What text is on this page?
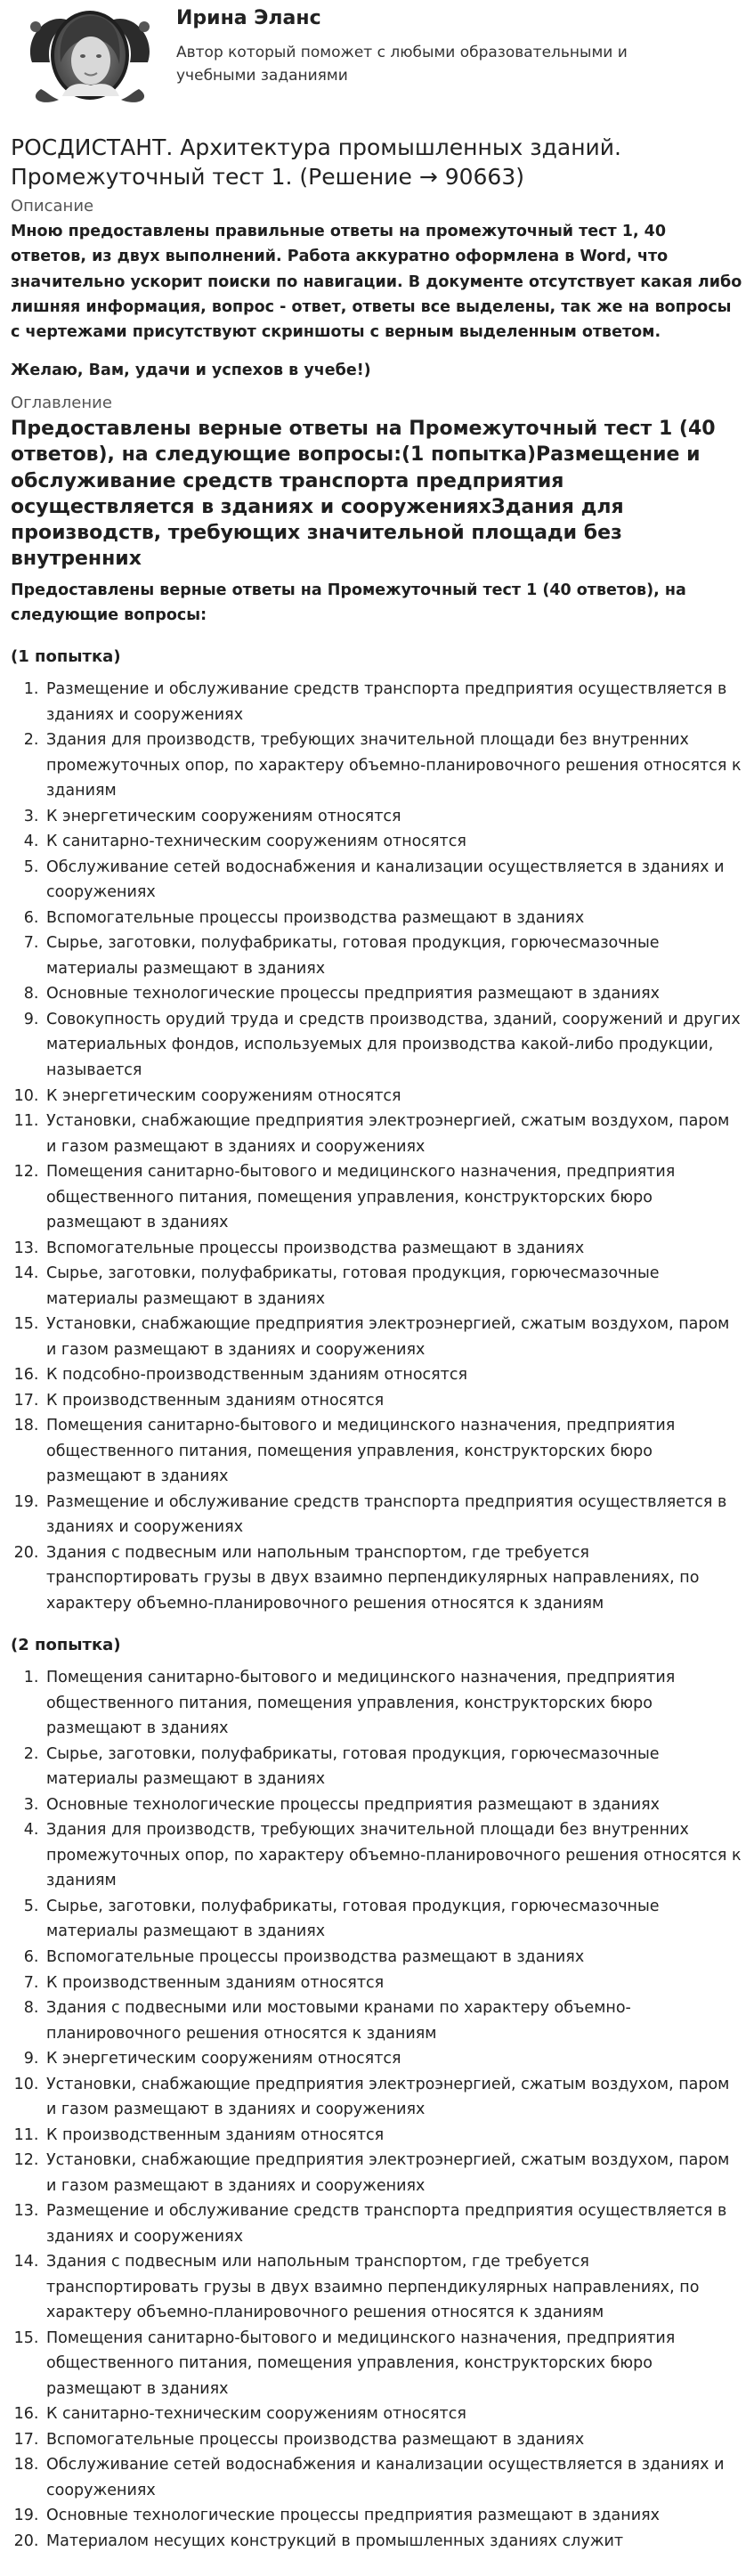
Ирина Эланс
Автор который поможет с любыми образовательными и учебными заданиями
РОСДИСТАНТ. Архитектура промышленных зданий. Промежуточный тест 1. (Решение → 90663)
Описание

Мною предоставлены правильные ответы на промежуточный тест 1, 40 ответов, из двух выполнений. Работа аккуратно оформлена в Word, что значительно ускорит поиски по навигации. В документе отсутствует какая либо лишняя информация, вопрос - ответ, ответы все выделены, так же на вопросы с чертежами присутствуют скриншоты с верным выделенным ответом.

Желаю, Вам, удачи и успехов в учебе!)

Оглавление
Предоставлены верные ответы на Промежуточный тест 1 (40 ответов), на следующие вопросы:(1 попытка)Размещение и обслуживание средств транспорта предприятия осуществляется в зданиях и сооруженияхЗдания для производств, требующих значительной площади без внутренних

Предоставлены верные ответы на Промежуточный тест 1 (40 ответов), на следующие вопросы:

(1 попытка)
1. Размещение и обслуживание средств транспорта предприятия осуществляется в зданиях и сооружениях
2. Здания для производств, требующих значительной площади без внутренних промежуточных опор, по характеру объемно-планировочного решения относятся к зданиям
3. К энергетическим сооружениям относятся
4. К санитарно-техническим сооружениям относятся
5. Обслуживание сетей водоснабжения и канализации осуществляется в зданиях и сооружениях
6. Вспомогательные процессы производства размещают в зданиях
7. Сырье, заготовки, полуфабрикаты, готовая продукция, горючесмазочные материалы размещают в зданиях
8. Основные технологические процессы предприятия размещают в зданиях
9. Совокупность орудий труда и средств производства, зданий, сооружений и других материальных фондов, используемых для производства какой-либо продукции, называется
10. К энергетическим сооружениям относятся
11. Установки, снабжающие предприятия электроэнергией, сжатым воздухом, паром и газом размещают в зданиях и сооружениях
12. Помещения санитарно-бытового и медицинского назначения, предприятия общественного питания, помещения управления, конструкторских бюро размещают в зданиях
13. Вспомогательные процессы производства размещают в зданиях
14. Сырье, заготовки, полуфабрикаты, готовая продукция, горючесмазочные материалы размещают в зданиях
15. Установки, снабжающие предприятия электроэнергией, сжатым воздухом, паром и газом размещают в зданиях и сооружениях
16. К подсобно-производственным зданиям относятся
17. К производственным зданиям относятся
18. Помещения санитарно-бытового и медицинского назначения, предприятия общественного питания, помещения управления, конструкторских бюро размещают в зданиях
19. Размещение и обслуживание средств транспорта предприятия осуществляется в зданиях и сооружениях
20. Здания с подвесным или напольным транспортом, где требуется транспортировать грузы в двух взаимно перпендикулярных направлениях, по характеру объемно-планировочного решения относятся к зданиям
(2 попытка)
1. Помещения санитарно-бытового и медицинского назначения, предприятия общественного питания, помещения управления, конструкторских бюро размещают в зданиях
2. Сырье, заготовки, полуфабрикаты, готовая продукция, горючесмазочные материалы размещают в зданиях
3. Основные технологические процессы предприятия размещают в зданиях
4. Здания для производств, требующих значительной площади без внутренних промежуточных опор, по характеру объемно-планировочного решения относятся к зданиям
5. Сырье, заготовки, полуфабрикаты, готовая продукция, горючесмазочные материалы размещают в зданиях
6. Вспомогательные процессы производства размещают в зданиях
7. К производственным зданиям относятся
8. Здания с подвесными или мостовыми кранами по характеру объемно-планировочного решения относятся к зданиям
9. К энергетическим сооружениям относятся
10. Установки, снабжающие предприятия электроэнергией, сжатым воздухом, паром и газом размещают в зданиях и сооружениях
11. К производственным зданиям относятся
12. Установки, снабжающие предприятия электроэнергией, сжатым воздухом, паром и газом размещают в зданиях и сооружениях
13. Размещение и обслуживание средств транспорта предприятия осуществляется в зданиях и сооружениях
14. Здания с подвесным или напольным транспортом, где требуется транспортировать грузы в двух взаимно перпендикулярных направлениях, по характеру объемно-планировочного решения относятся к зданиям
15. Помещения санитарно-бытового и медицинского назначения, предприятия общественного питания, помещения управления, конструкторских бюро размещают в зданиях
16. К санитарно-техническим сооружениям относятся
17. Вспомогательные процессы производства размещают в зданиях
18. Обслуживание сетей водоснабжения и канализации осуществляется в зданиях и сооружениях
19. Основные технологические процессы предприятия размещают в зданиях
20. Материалом несущих конструкций в промышленных зданиях служит
